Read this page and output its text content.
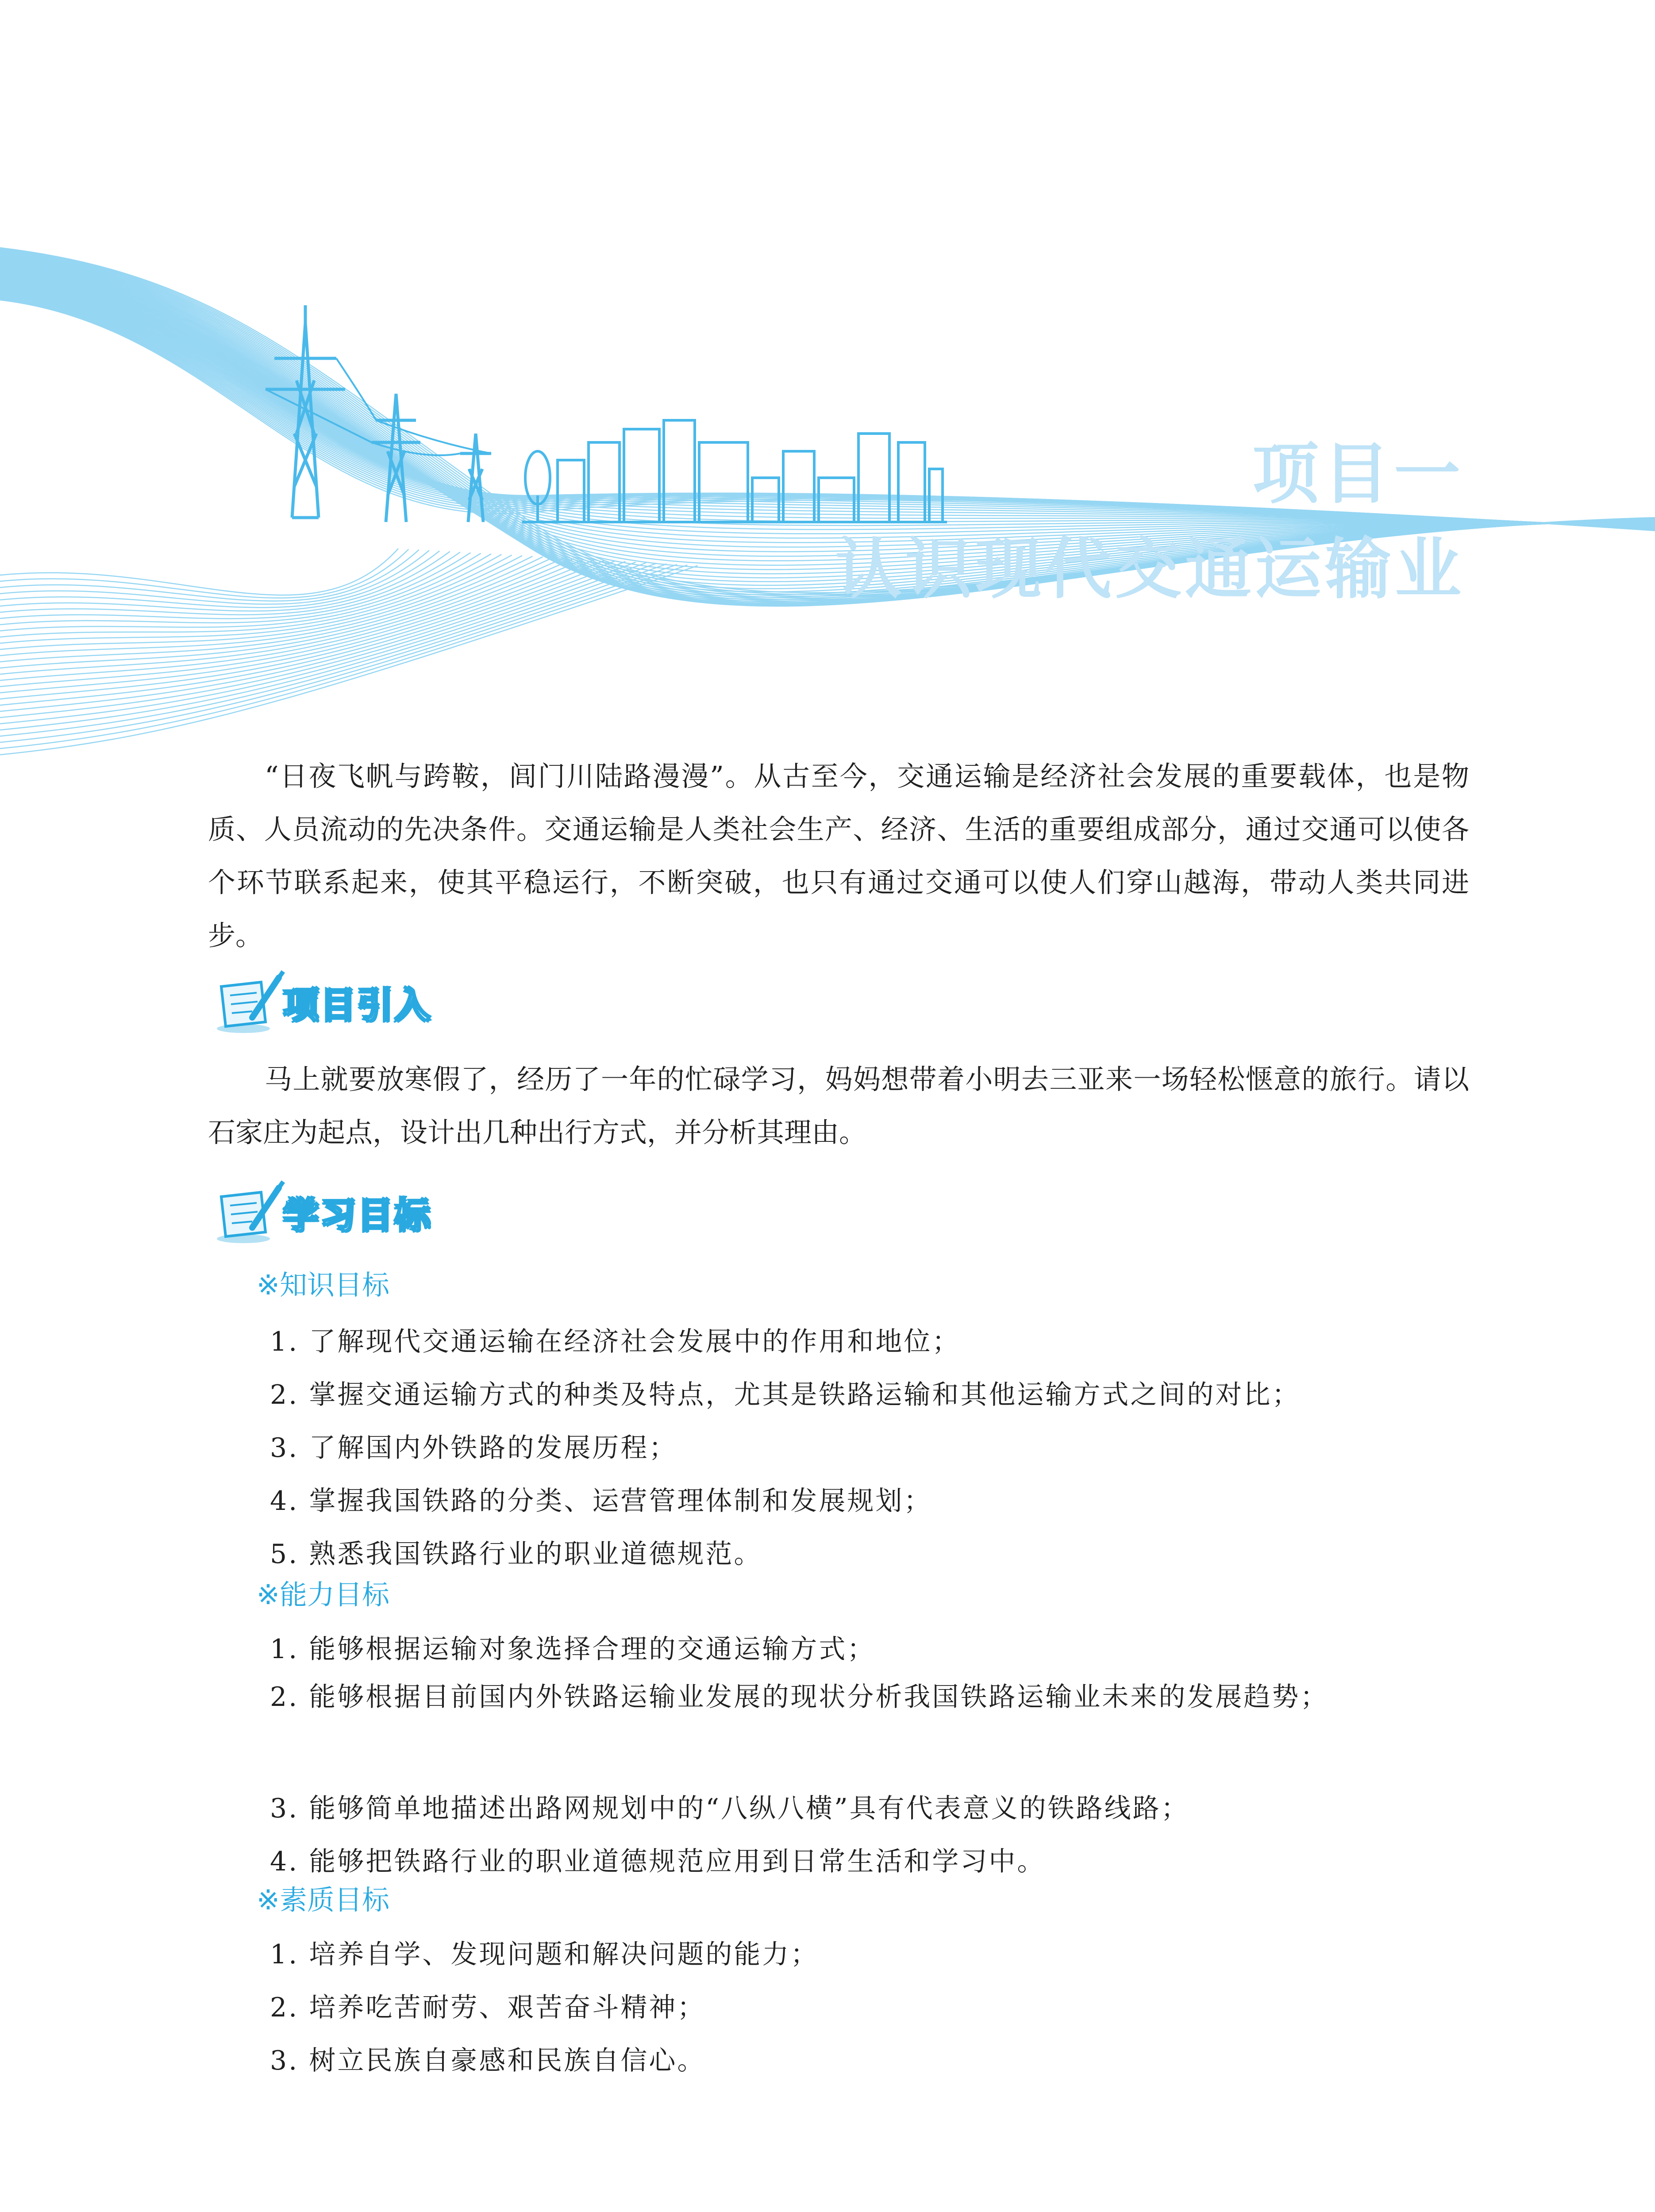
项目一
认识现代交通运输业

“日夜飞帆与跨鞍，闾门川陆路漫漫”。从古至今，交通运输是经济社会发展的重要载体，也是物质、人员流动的先决条件。交通运输是人类社会生产、经济、生活的重要组成部分，通过交通可以使各个环节联系起来，使其平稳运行，不断突破，也只有通过交通可以使人们穿山越海，带动人类共同进步。

项目引入

马上就要放寒假了，经历了一年的忙碌学习，妈妈想带着小明去三亚来一场轻松惬意的旅行。请以石家庄为起点，设计出几种出行方式，并分析其理由。

学习目标
※知识目标
1. 了解现代交通运输在经济社会发展中的作用和地位；
2. 掌握交通运输方式的种类及特点，尤其是铁路运输和其他运输方式之间的对比；
3. 了解国内外铁路的发展历程；
4. 掌握我国铁路的分类、运营管理体制和发展规划；
5. 熟悉我国铁路行业的职业道德规范。
※能力目标
1. 能够根据运输对象选择合理的交通运输方式；
2. 能够根据目前国内外铁路运输业发展的现状分析我国铁路运输业未来的发展趋势；
3. 能够简单地描述出路网规划中的“八纵八横”具有代表意义的铁路线路；
4. 能够把铁路行业的职业道德规范应用到日常生活和学习中。
※素质目标
1. 培养自学、发现问题和解决问题的能力；
2. 培养吃苦耐劳、艰苦奋斗精神；
3. 树立民族自豪感和民族自信心。
